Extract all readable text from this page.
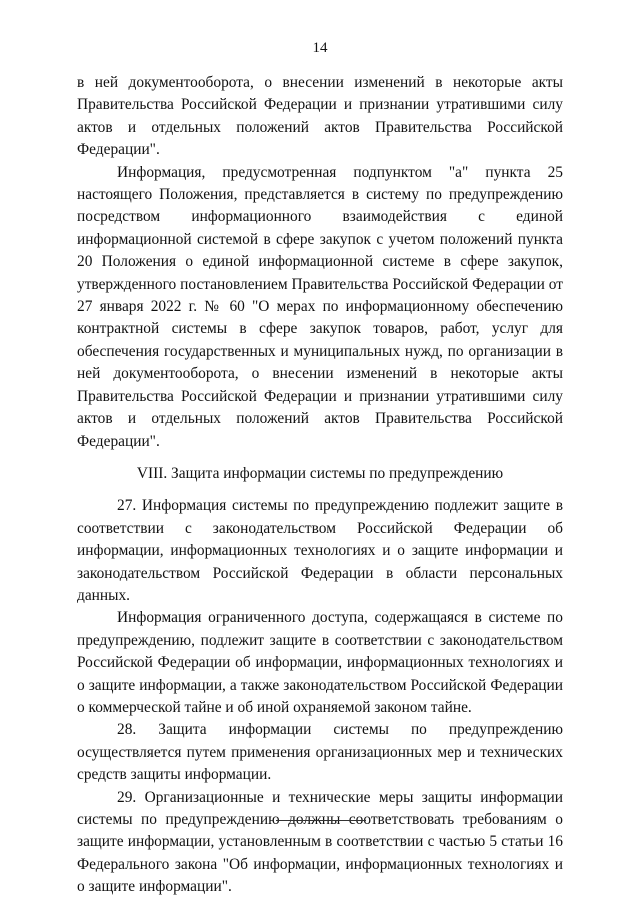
14

в ней документооборота, о внесении изменений в некоторые акты Правительства Российской Федерации и признании утратившими силу актов и отдельных положений актов Правительства Российской Федерации".

Информация, предусмотренная подпунктом "а" пункта 25 настоящего Положения, представляется в систему по предупреждению посредством информационного взаимодействия с единой информационной системой в сфере закупок с учетом положений пункта 20 Положения о единой информационной системе в сфере закупок, утвержденного постановлением Правительства Российской Федерации от 27 января 2022 г. № 60 "О мерах по информационному обеспечению контрактной системы в сфере закупок товаров, работ, услуг для обеспечения государственных и муниципальных нужд, по организации в ней документооборота, о внесении изменений в некоторые акты Правительства Российской Федерации и признании утратившими силу актов и отдельных положений актов Правительства Российской Федерации".

VIII. Защита информации системы по предупреждению

27. Информация системы по предупреждению подлежит защите в соответствии с законодательством Российской Федерации об информации, информационных технологиях и о защите информации и законодательством Российской Федерации в области персональных данных.

Информация ограниченного доступа, содержащаяся в системе по предупреждению, подлежит защите в соответствии с законодательством Российской Федерации об информации, информационных технологиях и о защите информации, а также законодательством Российской Федерации о коммерческой тайне и об иной охраняемой законом тайне.

28. Защита информации системы по предупреждению осуществляется путем применения организационных мер и технических средств защиты информации.

29. Организационные и технические меры защиты информации системы по предупреждению должны соответствовать требованиям о защите информации, установленным в соответствии с частью 5 статьи 16 Федерального закона "Об информации, информационных технологиях и о защите информации".
